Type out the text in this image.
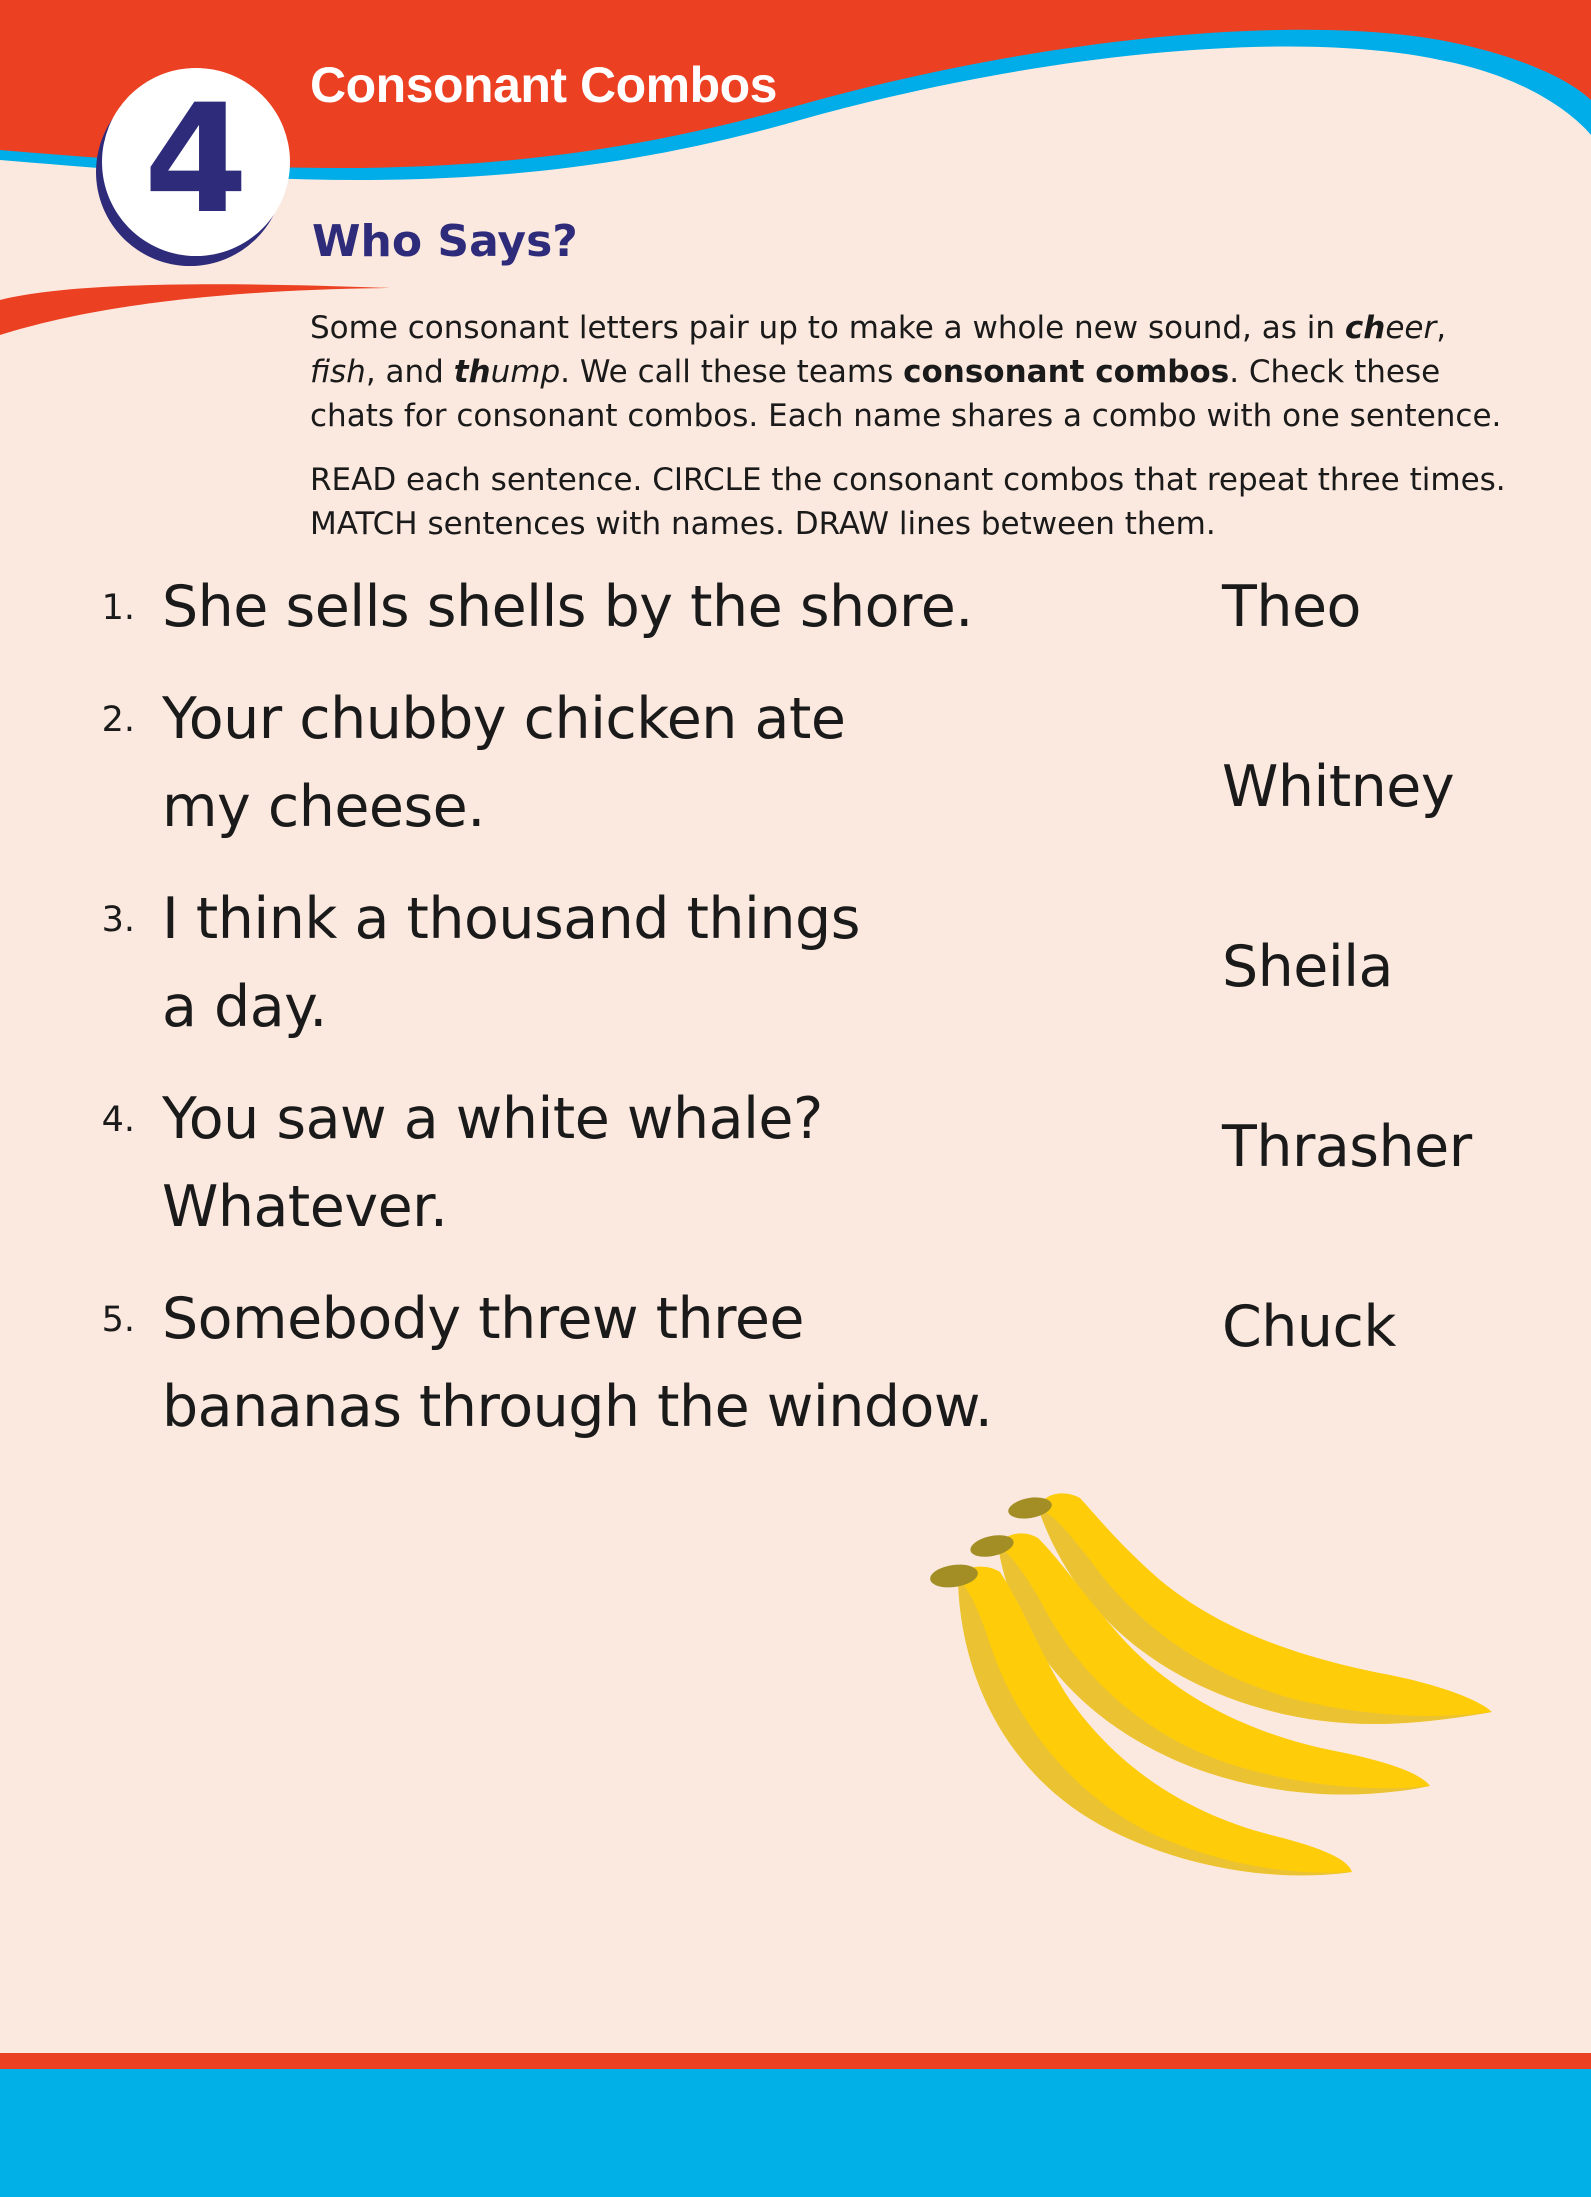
4 Consonant Combos
Who Says?

Some consonant letters pair up to make a whole new sound, as in cheer,
fish, and thump. We call these teams consonant combos. Check these chats for consonant combos. Each name shares a combo with one sentence.

READ each sentence. CIRCLE the consonant combos that repeat three times. MATCH sentences with names. DRAW lines between them.

1. She sells shells by the shore.
2. Your chubby chicken ate
my cheese.
3. I think a thousand things
a day.
4. You saw a white whale?
Whatever.
5. Somebody threw three
bananas through the window.
Theo
Whitney
Sheila
Thrasher
Chuck
